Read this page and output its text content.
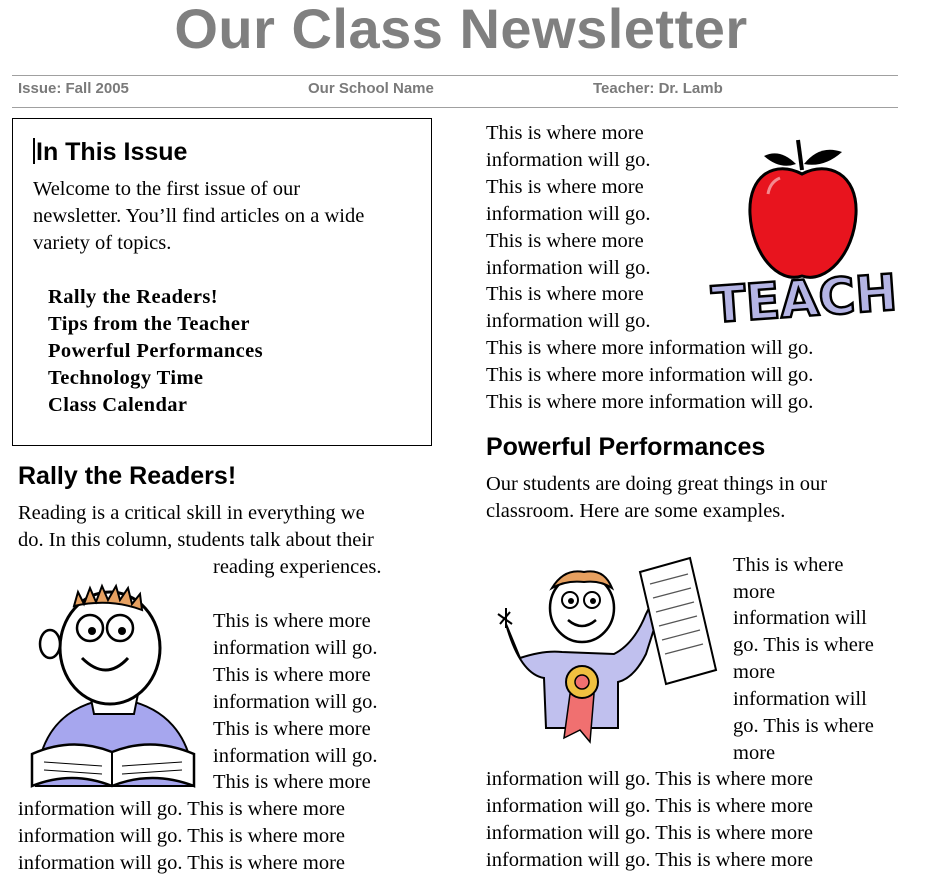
Our Class Newsletter
Issue: Fall 2005	Our School Name	Teacher: Dr. Lamb
In This Issue
Welcome to the first issue of our
newsletter. You’ll find articles on a wide
variety of topics.
Rally the Readers!
Tips from the Teacher
Powerful Performances
Technology Time
Class Calendar
Rally the Readers!
Reading is a critical skill in everything we
do. In this column, students talk about their
reading experiences.
This is where more
information will go.
This is where more
information will go.
This is where more
information will go.
This is where more
information will go. This is where more
information will go. This is where more
information will go. This is where more
This is where more
information will go.
This is where more
information will go.
This is where more
information will go.
This is where more
information will go.
This is where more information will go.
This is where more information will go.
This is where more information will go.
TEACH
Powerful Performances
Our students are doing great things in our
classroom. Here are some examples.
This is where
more
information will
go. This is where
more
information will
go. This is where
more
information will go. This is where more
information will go. This is where more
information will go. This is where more
information will go. This is where more
